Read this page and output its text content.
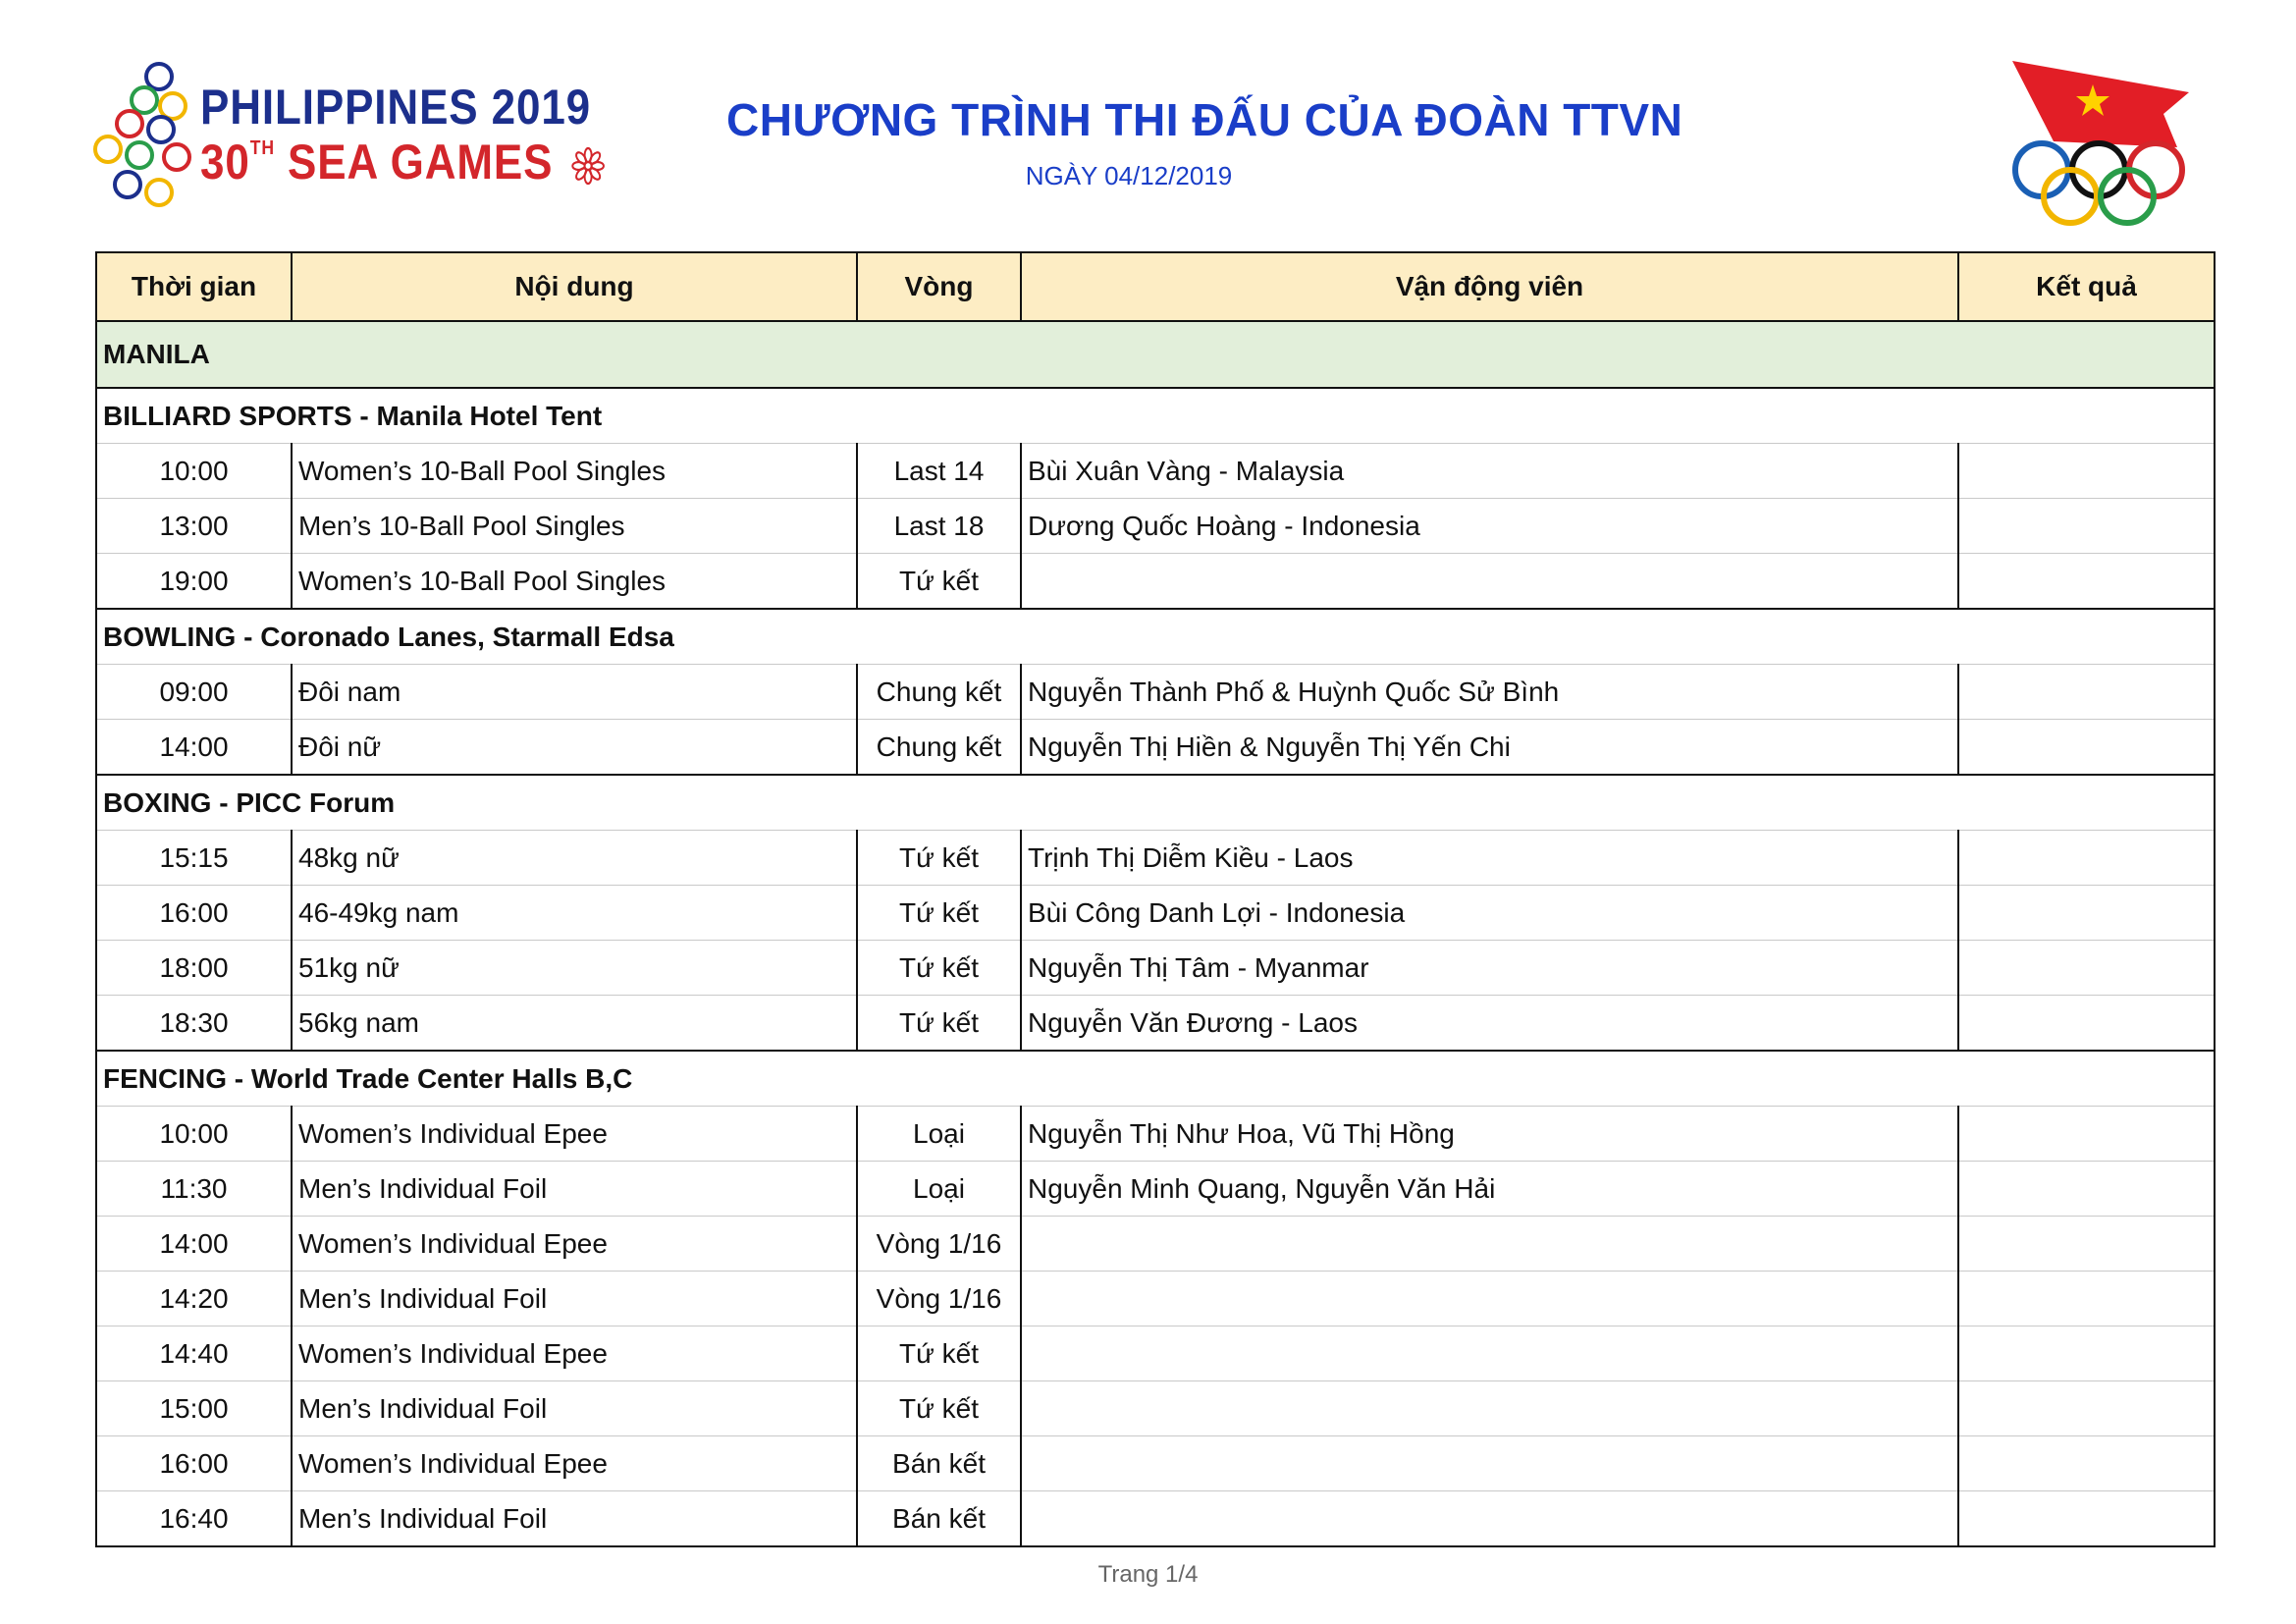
PHILIPPINES 2019
30TH SEA GAMES
CHƯƠNG TRÌNH THI ĐẤU CỦA ĐOÀN TTVN
NGÀY 04/12/2019
Thời gian	Nội dung	Vòng	Vận động viên	Kết quả
MANILA				
BILLIARD SPORTS - Manila Hotel Tent				
10:00	Women’s 10-Ball Pool Singles	Last 14	Bùi Xuân Vàng - Malaysia	
13:00	Men’s 10-Ball Pool Singles	Last 18	Dương Quốc Hoàng - Indonesia	
19:00	Women’s 10-Ball Pool Singles	Tứ kết		
BOWLING - Coronado Lanes, Starmall Edsa				
09:00	Đôi nam	Chung kết	Nguyễn Thành Phố & Huỳnh Quốc Sử Bình	
14:00	Đôi nữ	Chung kết	Nguyễn Thị Hiền & Nguyễn Thị Yến Chi	
BOXING - PICC Forum				
15:15	48kg nữ	Tứ kết	Trịnh Thị Diễm Kiều - Laos	
16:00	46-49kg nam	Tứ kết	Bùi Công Danh Lợi - Indonesia	
18:00	51kg nữ	Tứ kết	Nguyễn Thị Tâm - Myanmar	
18:30	56kg nam	Tứ kết	Nguyễn Văn Đương - Laos	
FENCING - World Trade Center Halls B,C				
10:00	Women’s Individual Epee	Loại	Nguyễn Thị Như Hoa, Vũ Thị Hồng	
11:30	Men’s Individual Foil	Loại	Nguyễn Minh Quang, Nguyễn Văn Hải	
14:00	Women’s Individual Epee	Vòng 1/16		
14:20	Men’s Individual Foil	Vòng 1/16		
14:40	Women’s Individual Epee	Tứ kết		
15:00	Men’s Individual Foil	Tứ kết		
16:00	Women’s Individual Epee	Bán kết		
16:40	Men’s Individual Foil	Bán kết		
Trang 1/4
